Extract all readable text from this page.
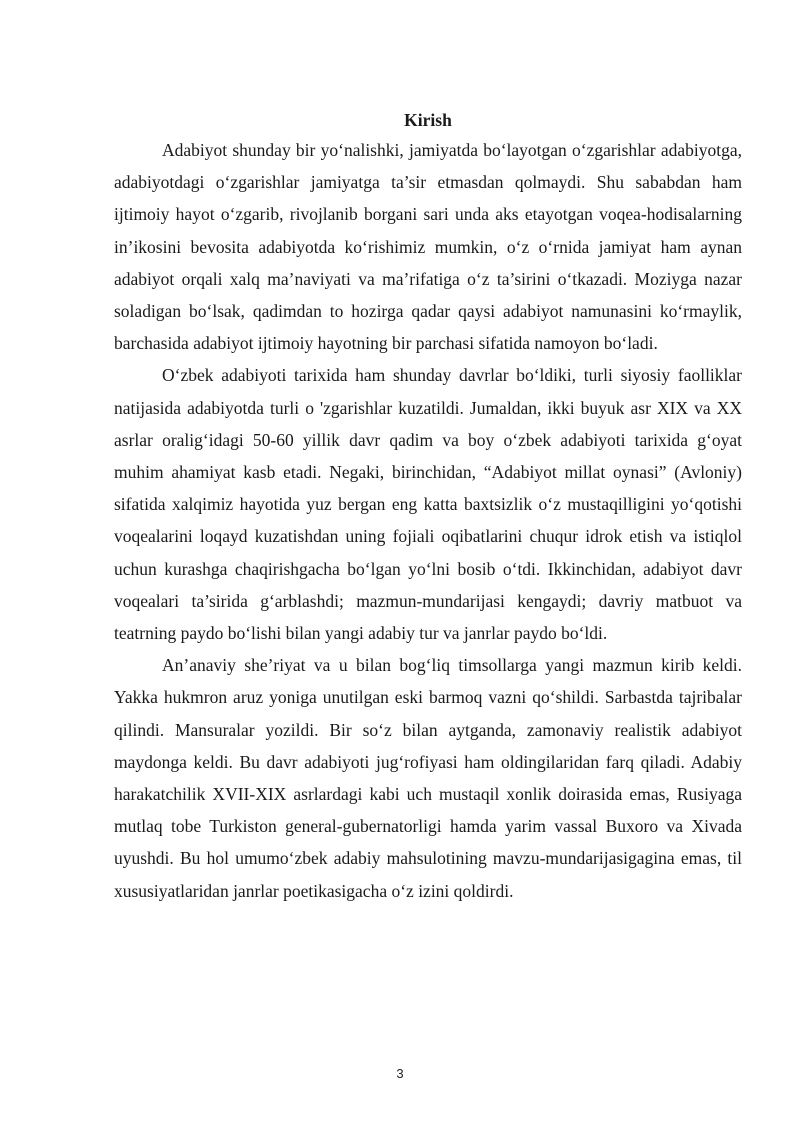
Kirish

Adabiyot shunday bir yoʻnalishki, jamiyatda boʻlayotgan oʻzgarishlar adabiyotga, adabiyotdagi oʻzgarishlar jamiyatga ta’sir etmasdan qolmaydi. Shu sababdan ham ijtimoiy hayot oʻzgarib, rivojlanib borgani sari unda aks etayotgan voqea-hodisalarning in’ikosini bevosita adabiyotda koʻrishimiz mumkin, oʻz oʻrnida jamiyat ham aynan adabiyot orqali xalq ma’naviyati va ma’rifatiga oʻz ta’sirini oʻtkazadi. Moziyga nazar soladigan boʻlsak, qadimdan to hozirga qadar qaysi adabiyot namunasini koʻrmaylik, barchasida adabiyot ijtimoiy hayotning bir parchasi sifatida namoyon boʻladi.

Oʻzbek adabiyoti tarixida ham shunday davrlar boʻldiki, turli siyosiy faolliklar natijasida adabiyotda turli o 'zgarishlar kuzatildi. Jumaldan, ikki buyuk asr XIX va XX asrlar oraligʻidagi 50-60 yillik davr qadim va boy oʻzbek adabiyoti tarixida gʻoyat muhim ahamiyat kasb etadi. Negaki, birinchidan, “Adabiyot millat oynasi” (Avloniy) sifatida xalqimiz hayotida yuz bergan eng katta baxtsizlik oʻz mustaqilligini yoʻqotishi voqealarini loqayd kuzatishdan uning fojiali oqibatlarini chuqur idrok etish va istiqlol uchun kurashga chaqirishgacha boʻlgan yoʻlni bosib oʻtdi. Ikkinchidan, adabiyot davr voqealari ta’sirida gʻarblashdi; mazmun-mundarijasi kengaydi; davriy matbuot va teatrning paydo boʻlishi bilan yangi adabiy tur va janrlar paydo boʻldi.

An’anaviy she’riyat va u bilan bogʻliq timsollarga yangi mazmun kirib keldi. Yakka hukmron aruz yoniga unutilgan eski barmoq vazni qoʻshildi. Sarbastda tajribalar qilindi. Mansuralar yozildi. Bir soʻz bilan aytganda, zamonaviy realistik adabiyot maydonga keldi. Bu davr adabiyoti jugʻrofiyasi ham oldingilaridan farq qiladi. Adabiy harakatchilik XVII-XIX asrlardagi kabi uch mustaqil xonlik doirasida emas, Rusiyaga mutlaq tobe Turkiston general-gubernatorligi hamda yarim vassal Buxoro va Xivada uyushdi. Bu hol umumoʻzbek adabiy mahsulotining mavzu-mundarijasigagina emas, til xususiyatlaridan janrlar poetikasigacha oʻz izini qoldirdi.

3
